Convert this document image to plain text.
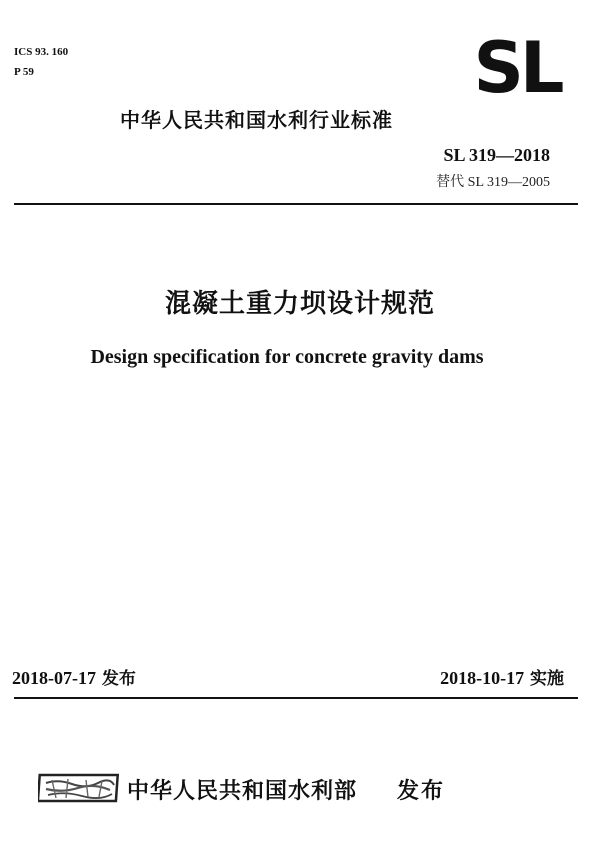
ICS 93. 160
P 59	SL
中华人民共和国水利行业标准
SL 319—2018
替代 SL 319—2005
混凝土重力坝设计规范
Design specification for concrete gravity dams
2018-07-17 发布	2018-10-17 实施
中华人民共和国水利部 发布
